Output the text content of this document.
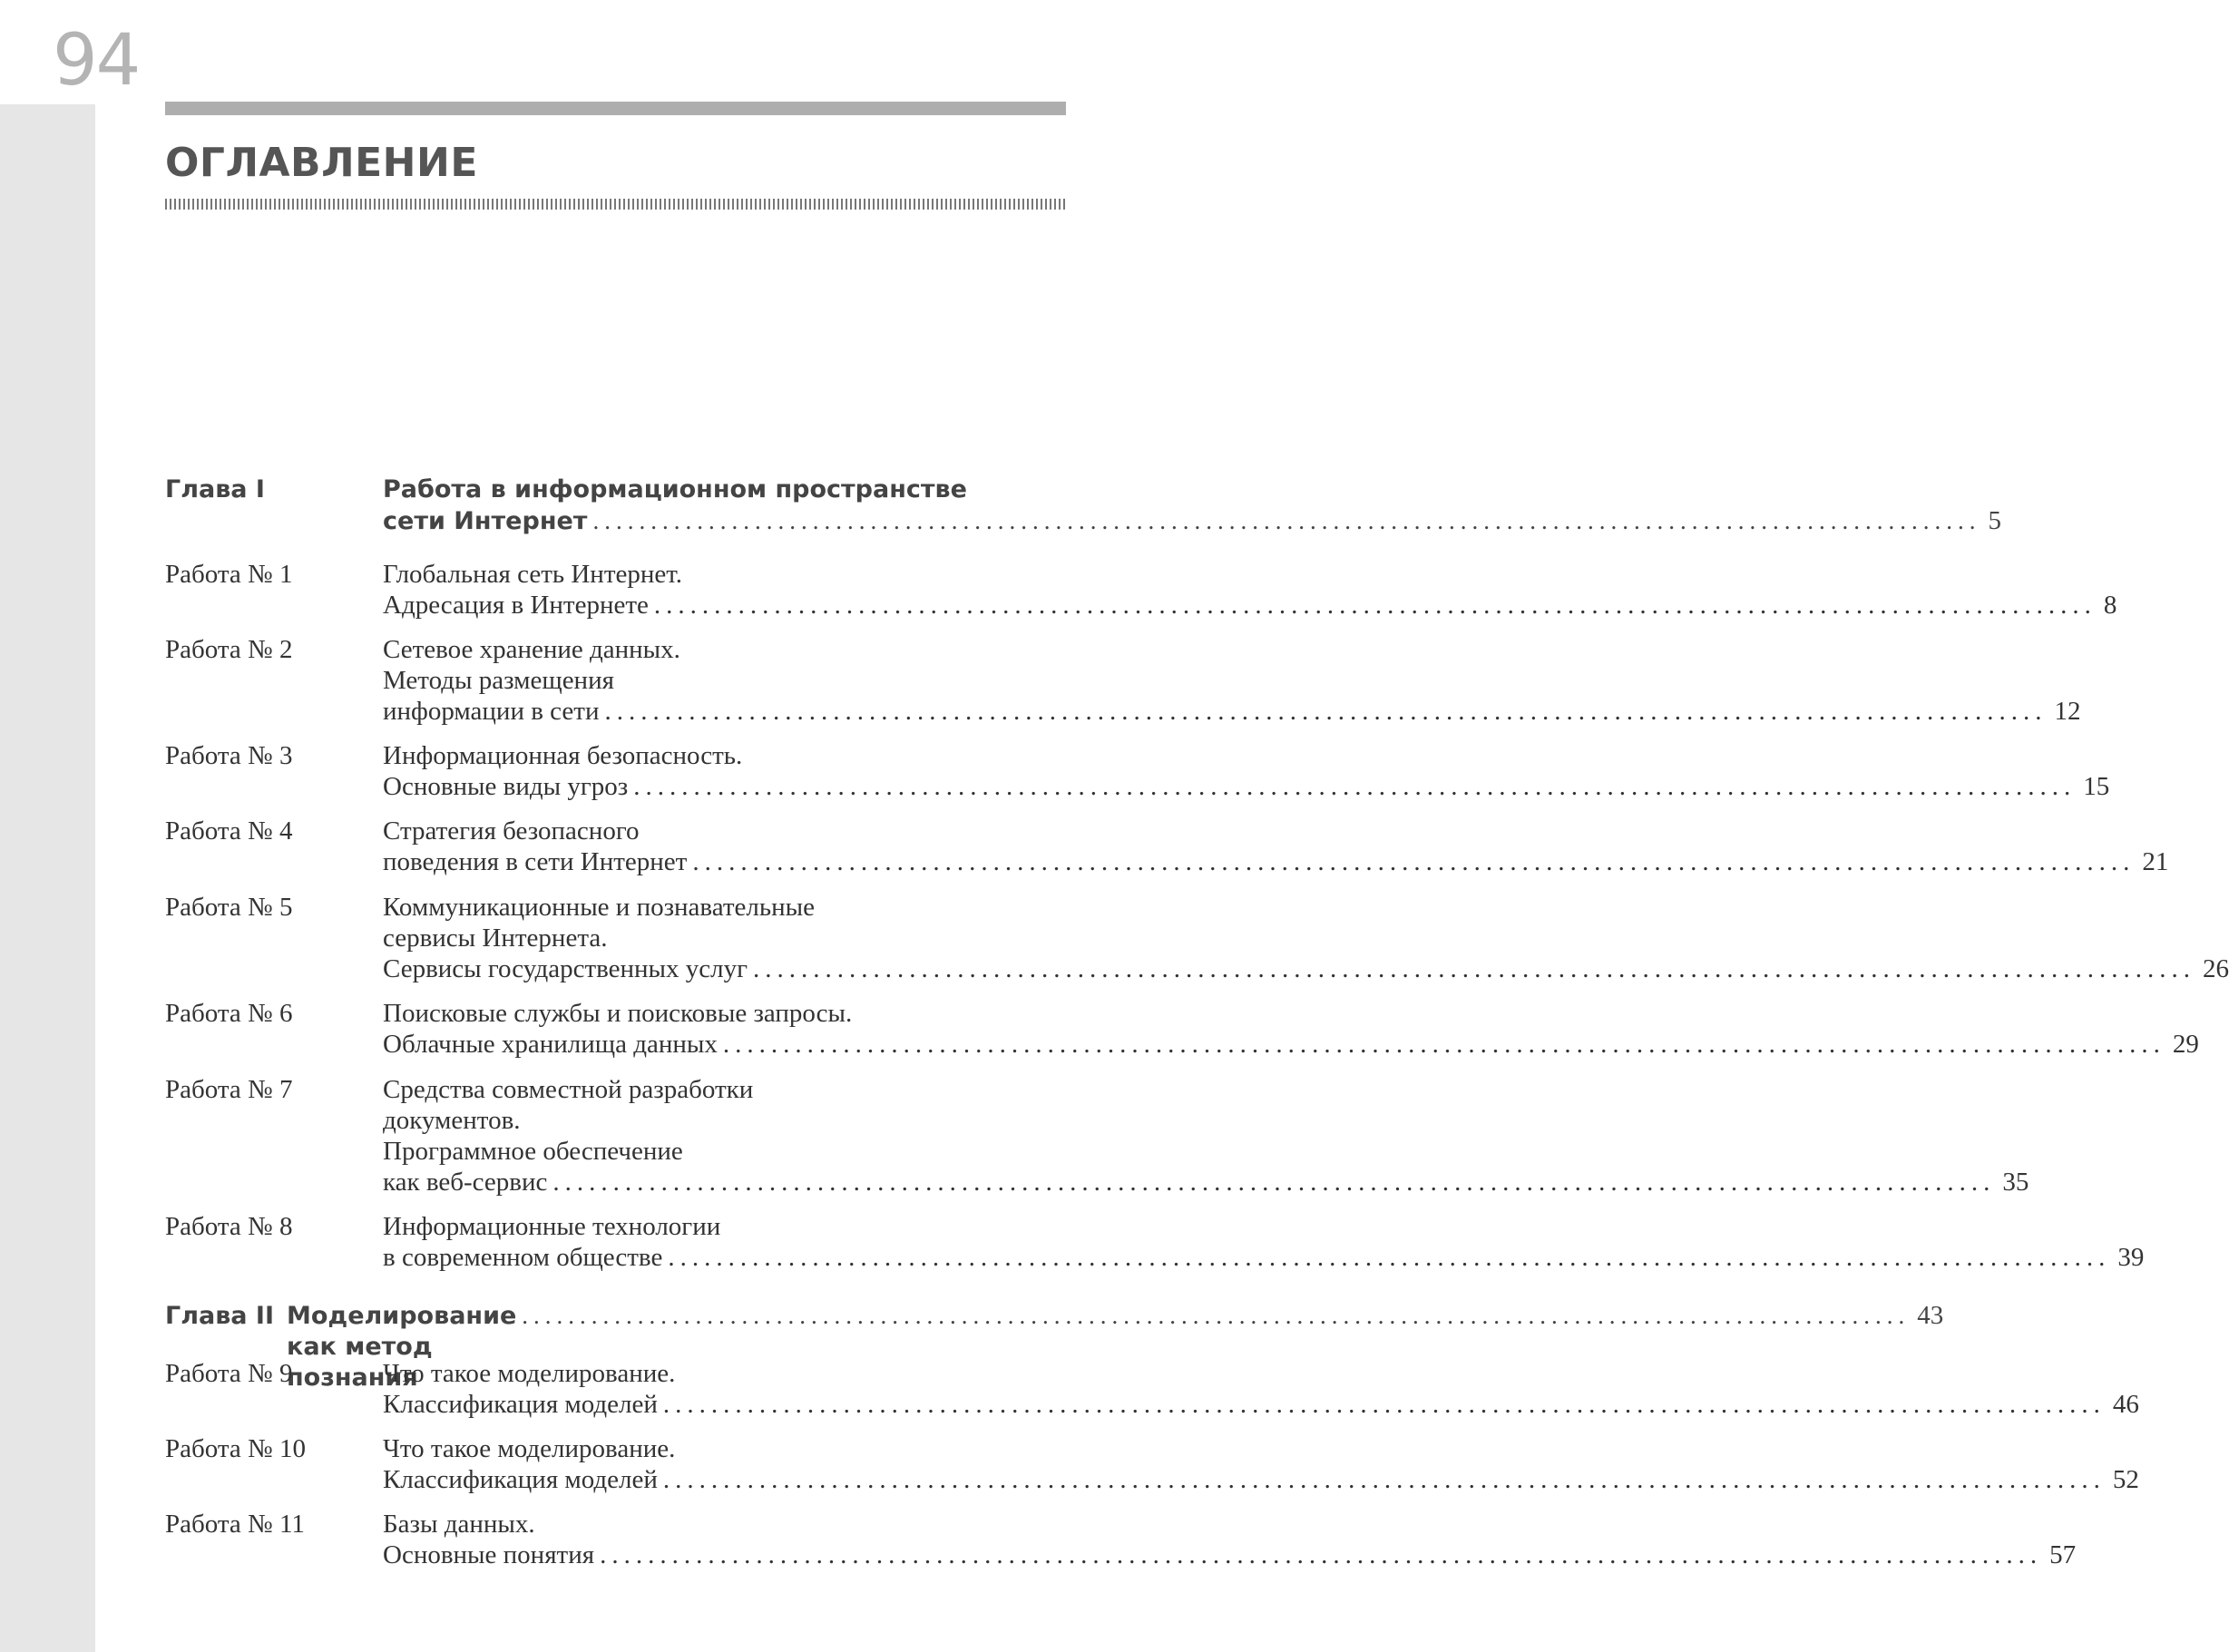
94
ОГЛАВЛЕНИЕ
Глава I	Работа в информационном пространстве
сети Интернет ........................................................................................................................ 5
Работа № 1	Глобальная сеть Интернет.
Адресация в Интернете ........................................................................................................................ 8
Работа № 2	Сетевое хранение данных.
Методы размещения
информации в сети ........................................................................................................................ 12
Работа № 3	Информационная безопасность.
Основные виды угроз ........................................................................................................................ 15
Работа № 4	Стратегия безопасного
поведения в сети Интернет ........................................................................................................................ 21
Работа № 5	Коммуникационные и познавательные
сервисы Интернета.
Сервисы государственных услуг ........................................................................................................................ 26
Работа № 6	Поисковые службы и поисковые запросы.
Облачные хранилища данных ........................................................................................................................ 29
Работа № 7	Средства совместной разработки
документов.
Программное обеспечение
как веб-сервис ........................................................................................................................ 35
Работа № 8	Информационные технологии
в современном обществе ........................................................................................................................ 39
Глава II Моделирование как метод познания
........................................................................................................................ 43
Работа № 9	Что такое моделирование.
Классификация моделей ........................................................................................................................ 46
Работа № 10	Что такое моделирование.
Классификация моделей ........................................................................................................................ 52
Работа № 11	Базы данных.
Основные понятия ........................................................................................................................ 57
